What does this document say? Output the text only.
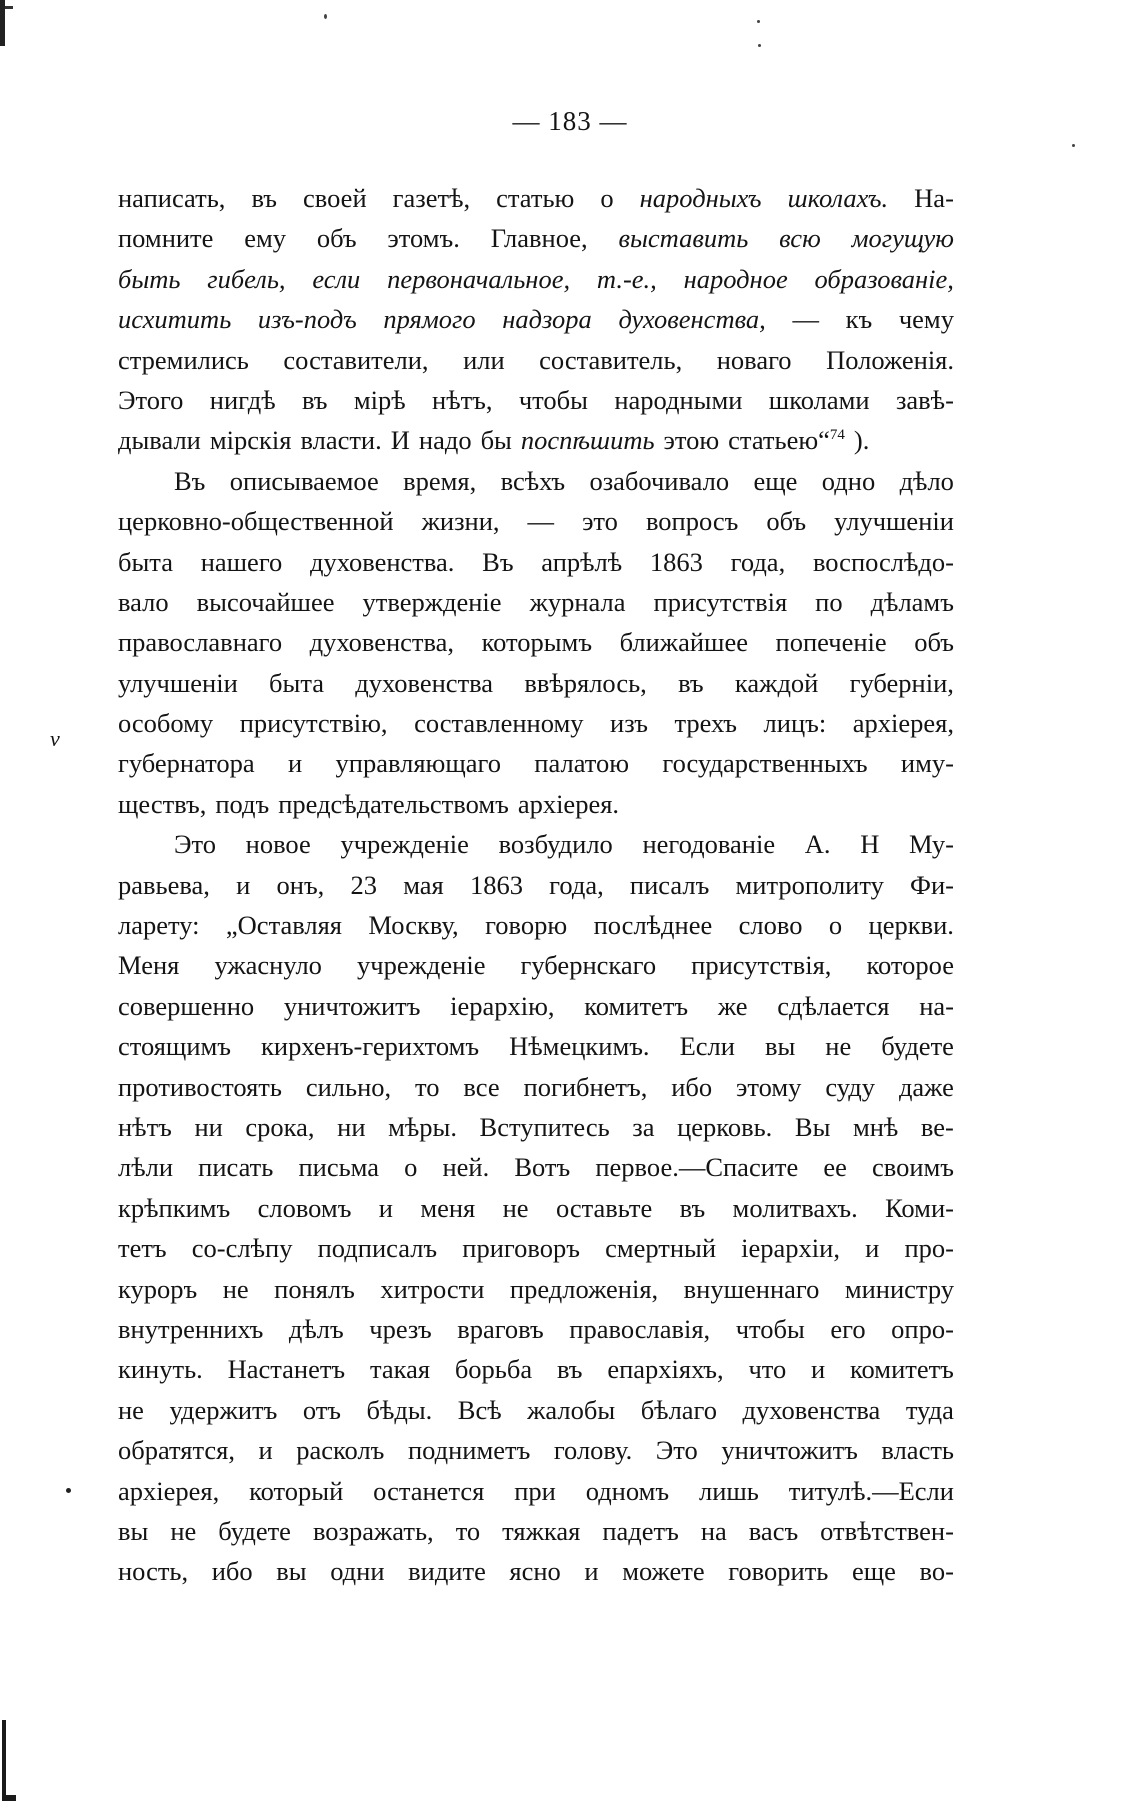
— 183 —
v
написать, въ своей газетѣ, статью о народныхъ школахъ. На-
помните ему объ этомъ. Главное, выставить всю могущую
быть гибель, если первоначальное, т.-е., народное образованіе,
исхитить изъ-подъ прямого надзора духовенства, — къ чему
стремились составители, или составитель, новаго Положенія.
Этого нигдѣ въ мірѣ нѣтъ, чтобы народными школами завѣ-
дывали мірскія власти. И надо бы поспѣшить этою статьею“$^{74}$ ).
Въ описываемое время, всѣхъ озабочивало еще одно дѣло
церковно-общественной жизни, — это вопросъ объ улучшеніи
быта нашего духовенства. Въ апрѣлѣ 1863 года, воспослѣдо-
вало высочайшее утвержденіе журнала присутствія по дѣламъ
православнаго духовенства, которымъ ближайшее попеченіе объ
улучшеніи быта духовенства ввѣрялось, въ каждой губерніи,
особому присутствію, составленному изъ трехъ лицъ: архіерея,
губернатора и управляющаго палатою государственныхъ иму-
ществъ, подъ предсѣдательствомъ архіерея.
Это новое учрежденіе возбудило негодованіе А. Н Му-
равьева, и онъ, 23 мая 1863 года, писалъ митрополиту Фи-
ларету: „Оставляя Москву, говорю послѣднее слово о церкви.
Меня ужаснуло учрежденіе губернскаго присутствія, которое
совершенно уничтожитъ іерархію, комитетъ же сдѣлается на-
стоящимъ кирхенъ-герихтомъ Нѣмецкимъ. Если вы не будете
противостоять сильно, то все погибнетъ, ибо этому суду даже
нѣтъ ни срока, ни мѣры. Вступитесь за церковь. Вы мнѣ ве-
лѣли писать письма о ней. Вотъ первое.—Спасите ее своимъ
крѣпкимъ словомъ и меня не оставьте въ молитвахъ. Коми-
тетъ со-слѣпу подписалъ приговоръ смертный іерархіи, и про-
куроръ не понялъ хитрости предложенія, внушеннаго министру
внутреннихъ дѣлъ чрезъ враговъ православія, чтобы его опро-
кинуть. Настанетъ такая борьба въ епархіяхъ, что и комитетъ
не удержитъ отъ бѣды. Всѣ жалобы бѣлаго духовенства туда
обратятся, и расколъ подниметъ голову. Это уничтожитъ власть
архіерея, который останется при одномъ лишь титулѣ.—Если
вы не будете возражать, то тяжкая падетъ на васъ отвѣтствен-
ность, ибо вы одни видите ясно и можете говорить еще во-
